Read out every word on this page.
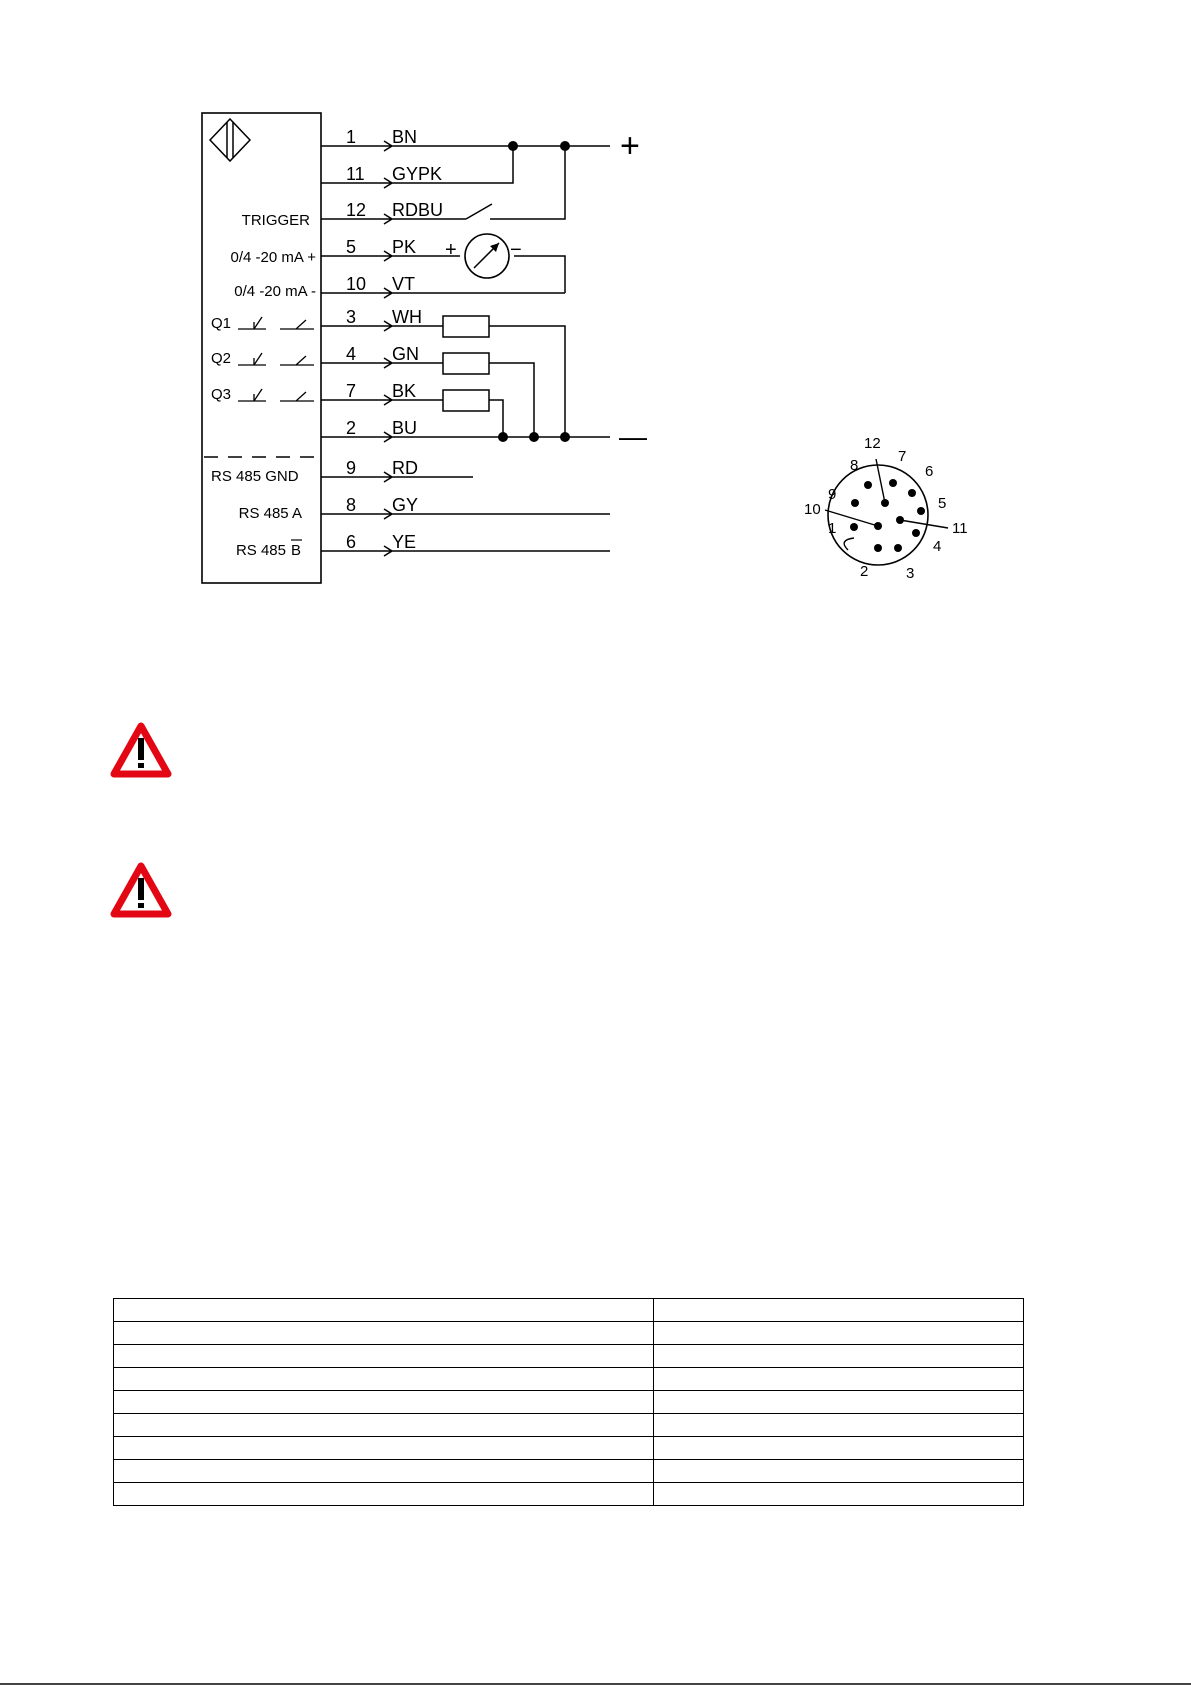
TRIGGER
0/4 -20 mA +
0/4 -20 mA -
Q1
Q2
Q3
RS 485 GND
RS 485 A
RS 485 B
1
11
12
5
10
3
4
7
2
9
8
6
BN
GYPK
RDBU
PK
VT
WH
GN
BK
BU
RD
GY
YE
+	−
+
—	12
7
8	6
9
5
10
11
1
4
2	3
